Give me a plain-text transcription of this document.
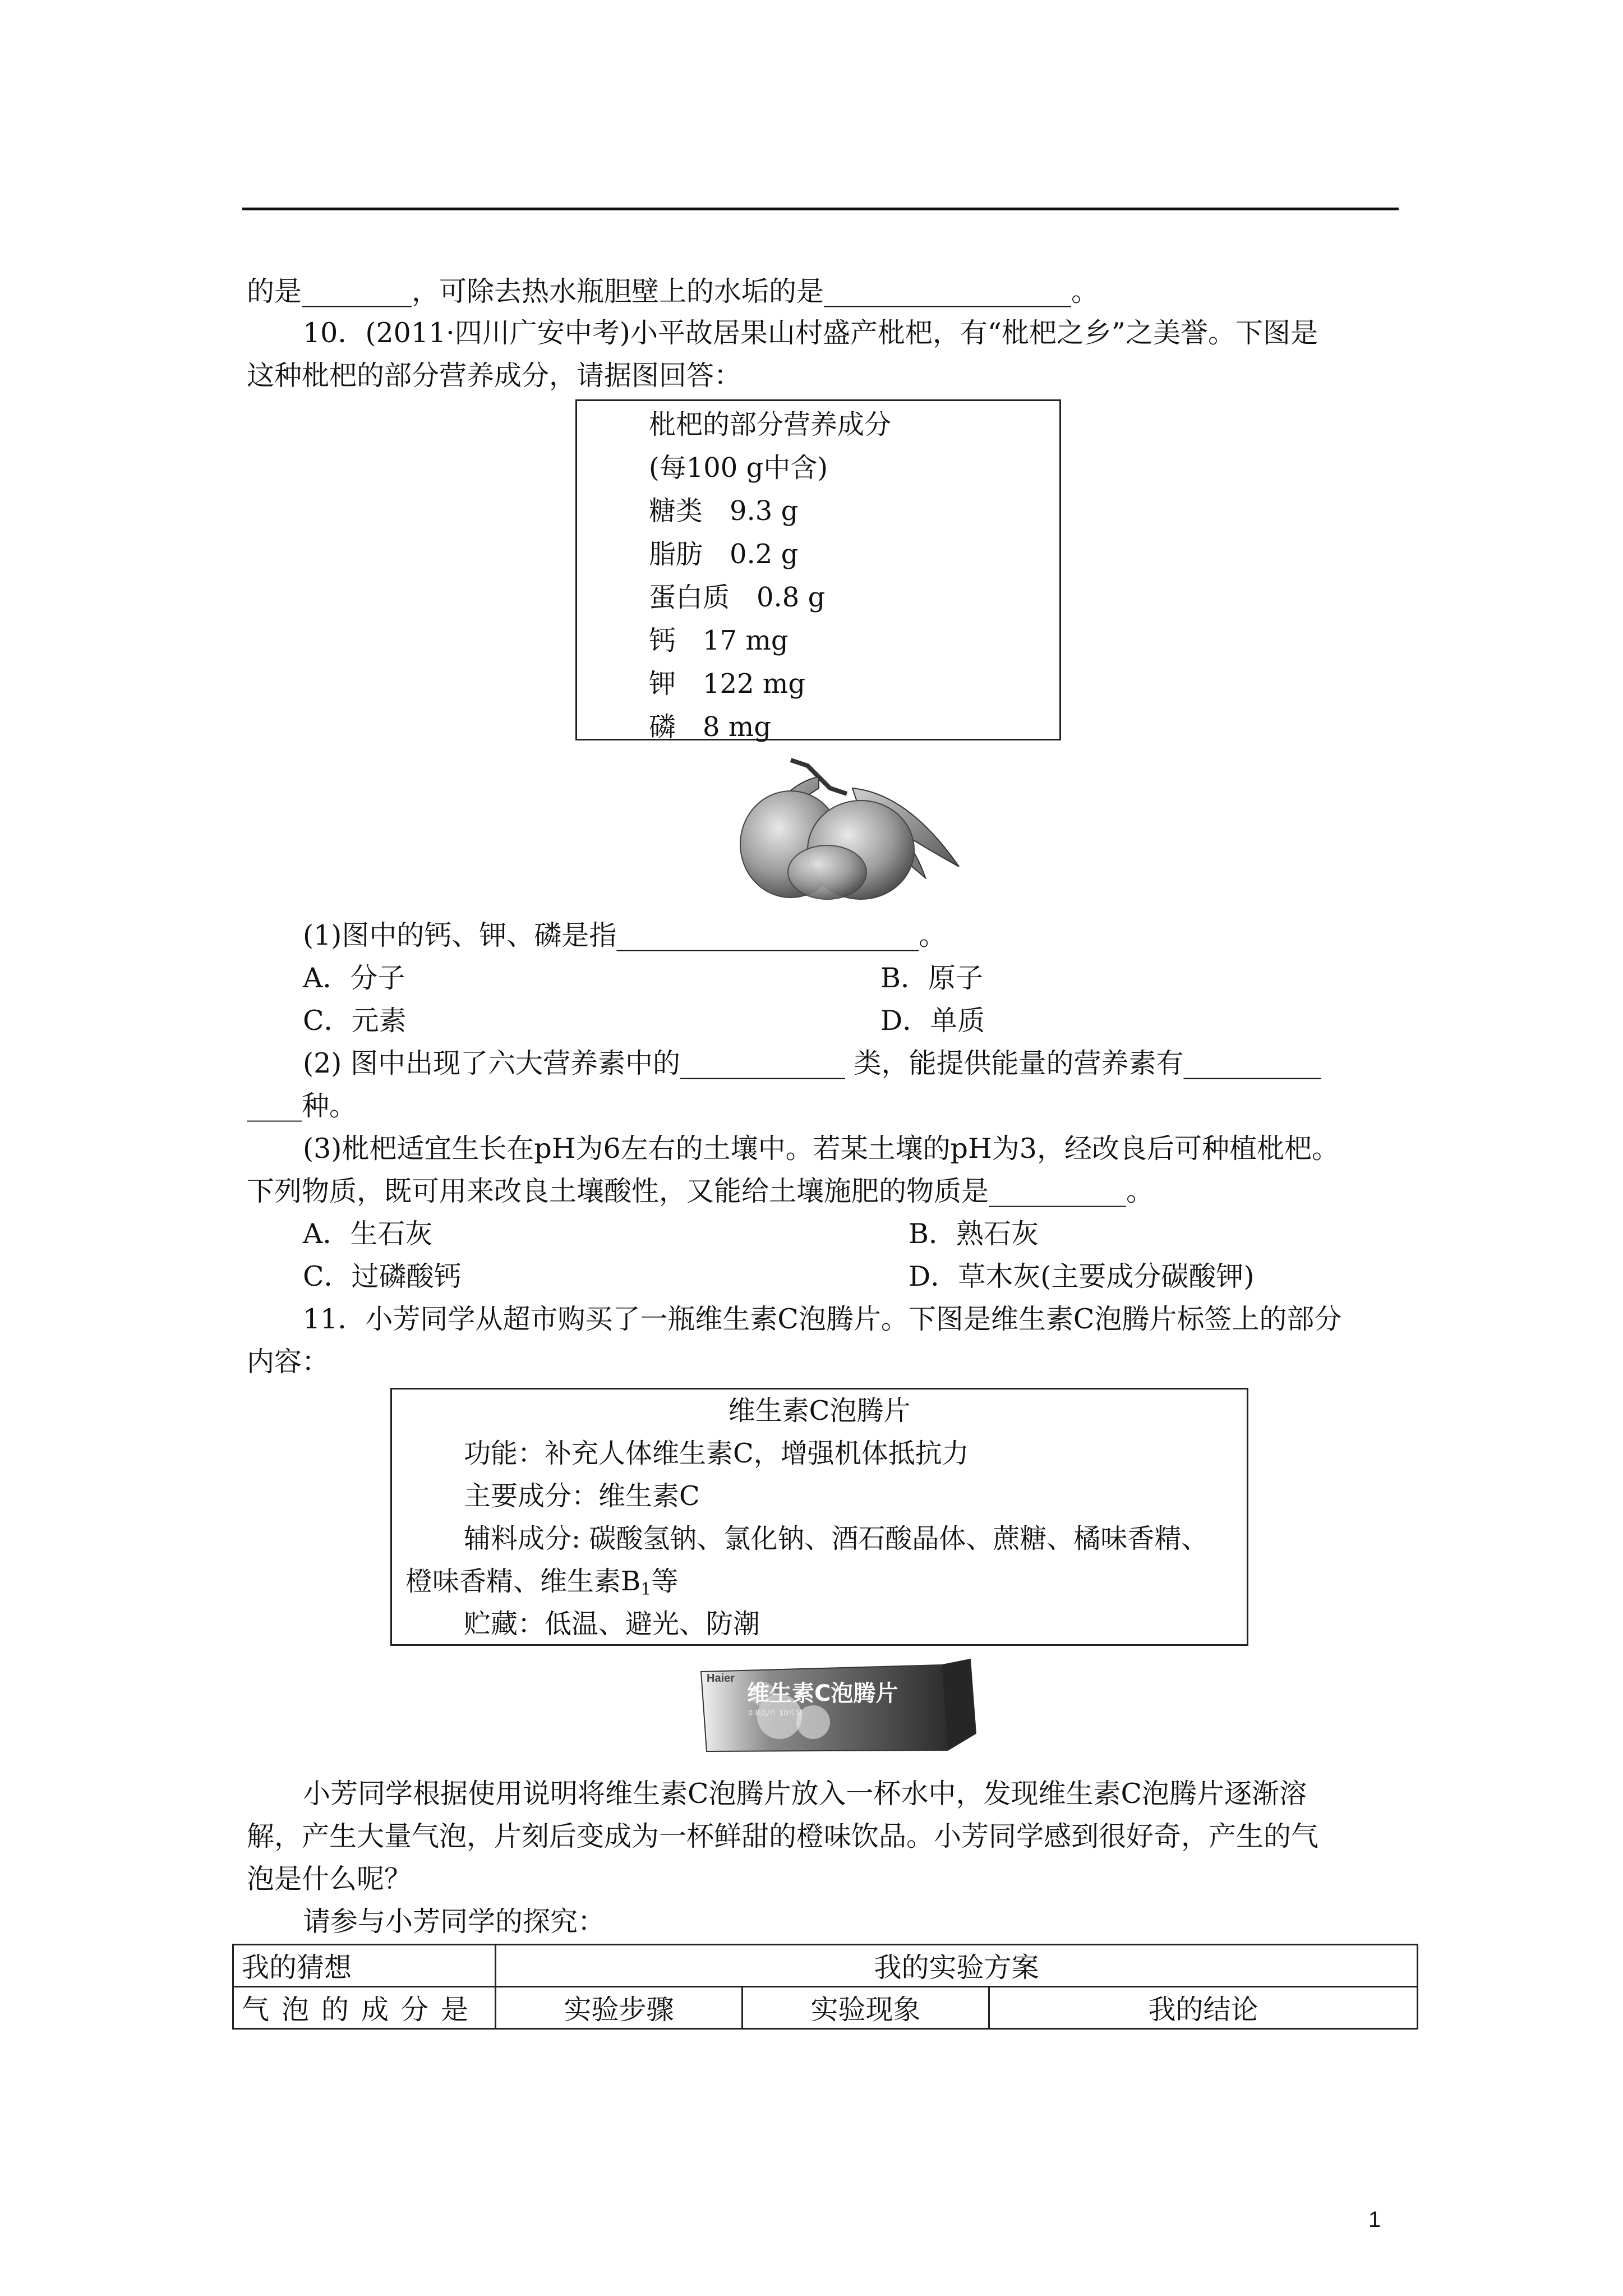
的是________，可除去热水瓶胆壁上的水垢的是__________________。
10．(2011·四川广安中考)小平故居果山村盛产枇杷，有“枇杷之乡”之美誉。下图是
这种枇杷的部分营养成分，请据图回答：
枇杷的部分营养成分
(每100 g中含)
糖类　9.3 g
脂肪　0.2 g
蛋白质　0.8 g
钙　17 mg
钾　122 mg
磷　8 mg
(1)图中的钙、钾、磷是指______________________。
A．分子	B．原子
C．元素	D．单质
(2) 图中出现了六大营养素中的____________ 类，能提供能量的营养素有__________
____种。
(3)枇杷适宜生长在pH为6左右的土壤中。若某土壤的pH为3，经改良后可种植枇杷。
下列物质，既可用来改良土壤酸性，又能给土壤施肥的物质是__________。
A．生石灰	B．熟石灰
C．过磷酸钙	D．草木灰(主要成分碳酸钾)
11．小芳同学从超市购买了一瓶维生素C泡腾片。下图是维生素C泡腾片标签上的部分
内容：
维生素C泡腾片
功能：补充人体维生素C，增强机体抵抗力
主要成分：维生素C
辅料成分: 碳酸氢钠、氯化钠、酒石酸晶体、蔗糖、橘味香精、
橙味香精、维生素$B_1$等
贮藏：低温、避光、防潮
Haier
维生素C泡腾片
0.8克/片 10片装
小芳同学根据使用说明将维生素C泡腾片放入一杯水中，发现维生素C泡腾片逐渐溶
解，产生大量气泡，片刻后变成为一杯鲜甜的橙味饮品。小芳同学感到很好奇，产生的气
泡是什么呢？
请参与小芳同学的探究：
我的猜想	我的实验方案		
气泡的成分是	实验步骤	实验现象	我的结论
1
